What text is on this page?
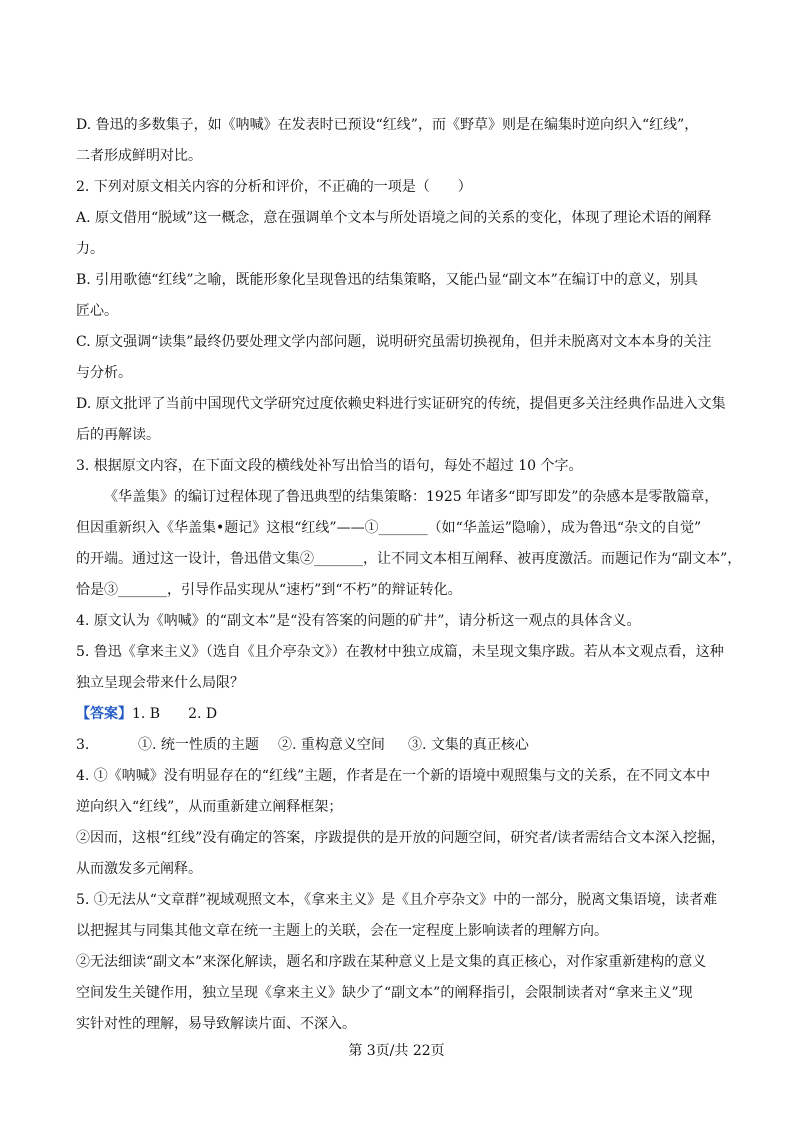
D. 鲁迅的多数集子，如《呐喊》在发表时已预设“红线”，而《野草》则是在编集时逆向织入“红线”，
二者形成鲜明对比。
2. 下列对原文相关内容的分析和评价，不正确的一项是（　　）
A. 原文借用“脱域”这一概念，意在强调单个文本与所处语境之间的关系的变化，体现了理论术语的阐释
力。
B. 引用歌德“红线”之喻，既能形象化呈现鲁迅的结集策略，又能凸显“副文本”在编订中的意义，别具
匠心。
C. 原文强调“读集”最终仍要处理文学内部问题，说明研究虽需切换视角，但并未脱离对文本本身的关注
与分析。
D. 原文批评了当前中国现代文学研究过度依赖史料进行实证研究的传统，提倡更多关注经典作品进入文集
后的再解读。
3. 根据原文内容，在下面文段的横线处补写出恰当的语句，每处不超过 10 个字。
《华盖集》的编订过程体现了鲁迅典型的结集策略：1925 年诸多“即写即发”的杂感本是零散篇章，
但因重新织入《华盖集•题记》这根“红线”——①_______（如“华盖运”隐喻），成为鲁迅“杂文的自觉”
的开端。通过这一设计，鲁迅借文集②_______，让不同文本相互阐释、被再度激活。而题记作为“副文本”，
恰是③_______，引导作品实现从“速朽”到“不朽”的辩证转化。
4. 原文认为《呐喊》的“副文本”是“没有答案的问题的矿井”，请分析这一观点的具体含义。
5. 鲁迅《拿来主义》（选自《且介亭杂文》）在教材中独立成篇，未呈现文集序跋。若从本文观点看，这种
独立呈现会带来什么局限？
【答案】1. B　　2. D
3.	①. 统一性质的主题 ②. 重构意义空间 ③. 文集的真正核心
4. ①《呐喊》没有明显存在的“红线”主题，作者是在一个新的语境中观照集与文的关系，在不同文本中
逆向织入“红线”，从而重新建立阐释框架；
②因而，这根“红线”没有确定的答案，序跋提供的是开放的问题空间，研究者/读者需结合文本深入挖掘，
从而激发多元阐释。
5. ①无法从“文章群”视域观照文本，《拿来主义》是《且介亭杂文》中的一部分，脱离文集语境，读者难
以把握其与同集其他文章在统一主题上的关联，会在一定程度上影响读者的理解方向。
②无法细读“副文本”来深化解读，题名和序跋在某种意义上是文集的真正核心，对作家重新建构的意义
空间发生关键作用，独立呈现《拿来主义》缺少了“副文本”的阐释指引，会限制读者对“拿来主义”现
实针对性的理解，易导致解读片面、不深入。
第 3页/共 22页
